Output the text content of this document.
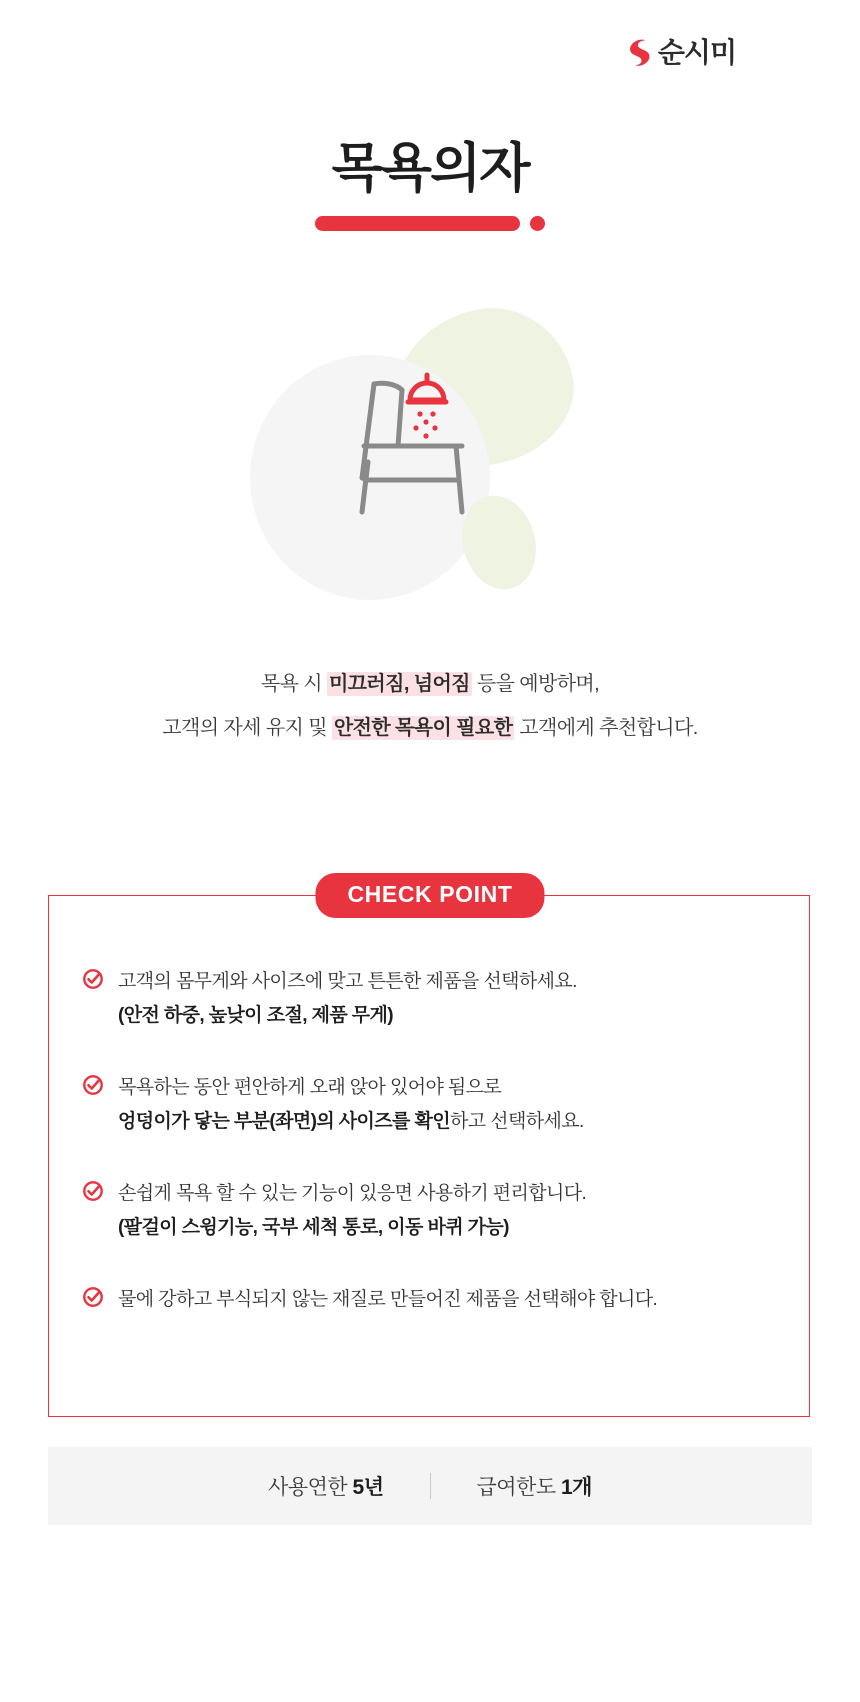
순시미
목욕의자
목욕 시 미끄러짐, 넘어짐 등을 예방하며,
고객의 자세 유지 및 안전한 목욕이 필요한 고객에게 추천합니다.
CHECK POINT
고객의 몸무게와 사이즈에 맞고 튼튼한 제품을 선택하세요.
(안전 하중, 높낮이 조절, 제품 무게)
목욕하는 동안 편안하게 오래 앉아 있어야 됨으로
엉덩이가 닿는 부분(좌면)의 사이즈를 확인하고 선택하세요.
손쉽게 목욕 할 수 있는 기능이 있응면 사용하기 편리합니다.
(팔걸이 스윙기능, 국부 세척 통로, 이동 바퀴 가능)
물에 강하고 부식되지 않는 재질로 만들어진 제품을 선택해야 합니다.
사용연한 5년	급여한도 1개
